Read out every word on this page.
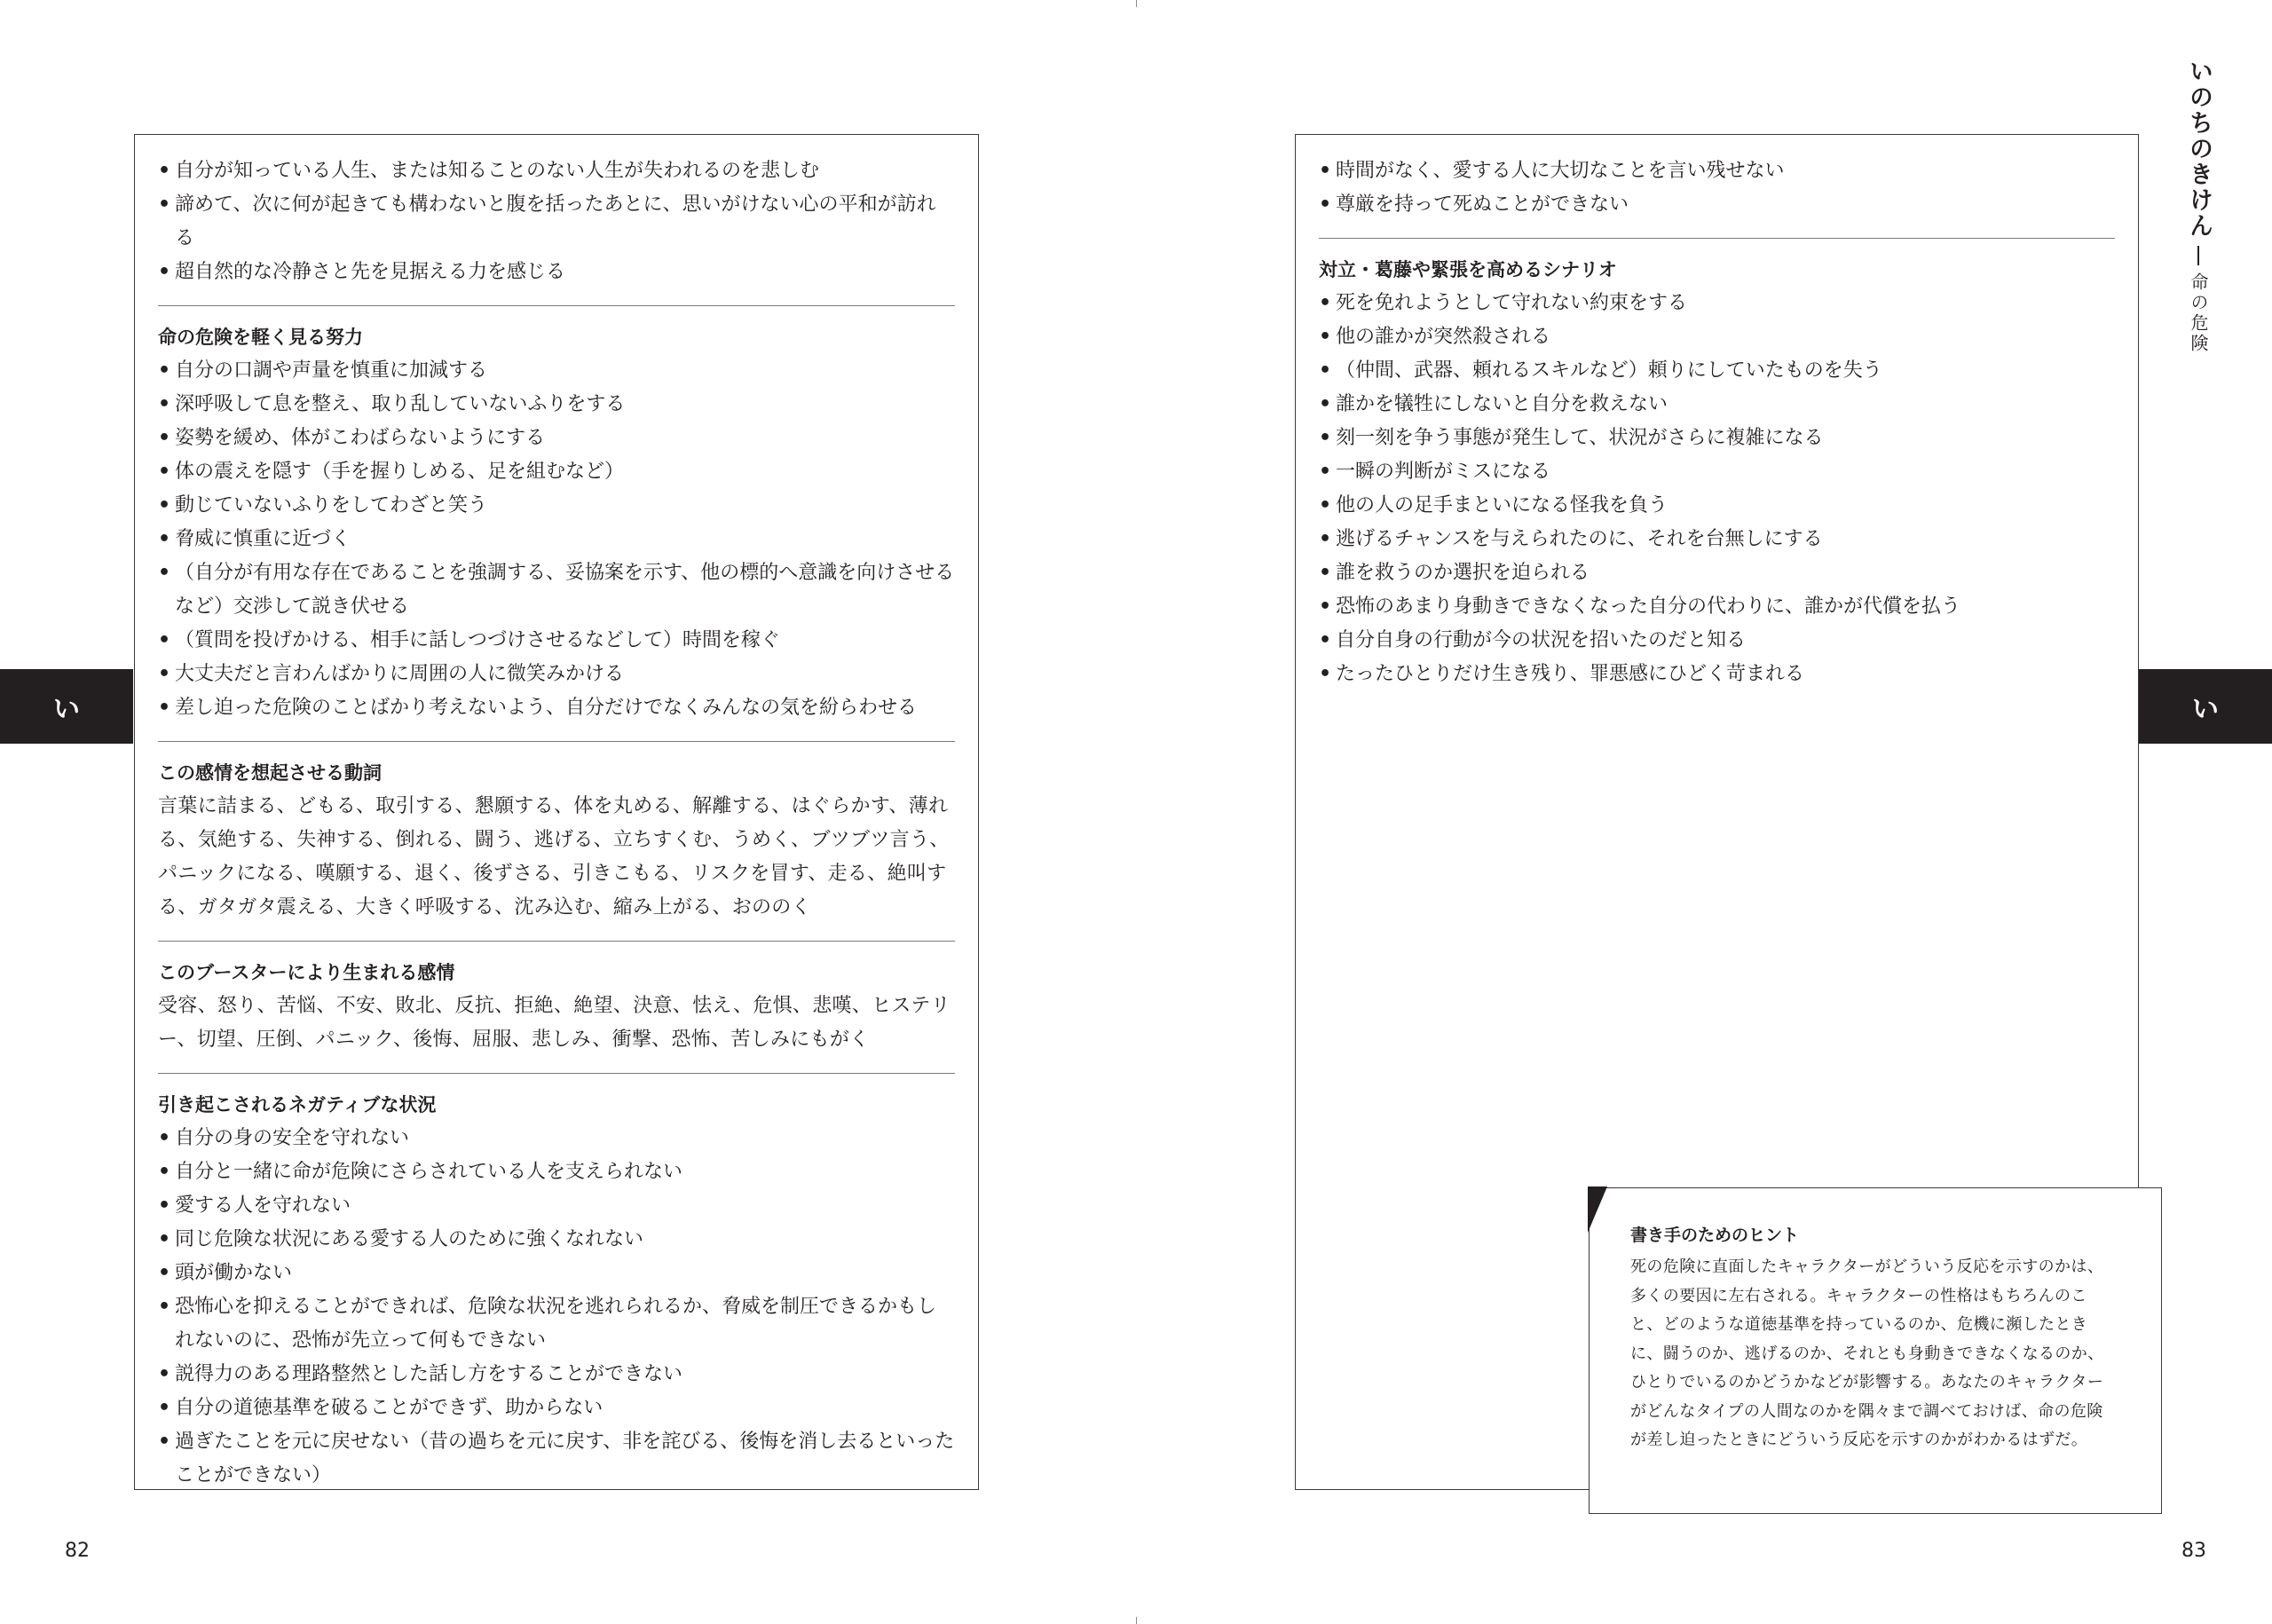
• 自分が知っている人生、または知ることのない人生が失われるのを悲しむ
• 諦めて、次に何が起きても構わないと腹を括ったあとに、思いがけない心の平和が訪れる
• 超自然的な冷静さと先を見据える力を感じる

命の危険を軽く見る努力

• 自分の口調や声量を慎重に加減する
• 深呼吸して息を整え、取り乱していないふりをする
• 姿勢を緩め、体がこわばらないようにする
• 体の震えを隠す（手を握りしめる、足を組むなど）
• 動じていないふりをしてわざと笑う
• 脅威に慎重に近づく
• （自分が有用な存在であることを強調する、妥協案を示す、他の標的へ意識を向けさせるなど）交渉して説き伏せる
• （質問を投げかける、相手に話しつづけさせるなどして）時間を稼ぐ
• 大丈夫だと言わんばかりに周囲の人に微笑みかける
• 差し迫った危険のことばかり考えないよう、自分だけでなくみんなの気を紛らわせる

この感情を想起させる動詞

言葉に詰まる、どもる、取引する、懇願する、体を丸める、解離する、はぐらかす、薄れる、気絶する、失神する、倒れる、闘う、逃げる、立ちすくむ、うめく、ブツブツ言う、パニックになる、嘆願する、退く、後ずさる、引きこもる、リスクを冒す、走る、絶叫する、ガタガタ震える、大きく呼吸する、沈み込む、縮み上がる、おののく

このブースターにより生まれる感情

受容、怒り、苦悩、不安、敗北、反抗、拒絶、絶望、決意、怯え、危惧、悲嘆、ヒステリー、切望、圧倒、パニック、後悔、屈服、悲しみ、衝撃、恐怖、苦しみにもがく

引き起こされるネガティブな状況

• 自分の身の安全を守れない
• 自分と一緒に命が危険にさらされている人を支えられない
• 愛する人を守れない
• 同じ危険な状況にある愛する人のために強くなれない
• 頭が働かない
• 恐怖心を抑えることができれば、危険な状況を逃れられるか、脅威を制圧できるかもしれないのに、恐怖が先立って何もできない
• 説得力のある理路整然とした話し方をすることができない
• 自分の道徳基準を破ることができず、助からない
• 過ぎたことを元に戻せない（昔の過ちを元に戻す、非を詫びる、後悔を消し去るといったことができない）
い
82
• 時間がなく、愛する人に大切なことを言い残せない
• 尊厳を持って死ぬことができない

対立・葛藤や緊張を高めるシナリオ

• 死を免れようとして守れない約束をする
• 他の誰かが突然殺される
• （仲間、武器、頼れるスキルなど）頼りにしていたものを失う
• 誰かを犠牲にしないと自分を救えない
• 刻一刻を争う事態が発生して、状況がさらに複雑になる
• 一瞬の判断がミスになる
• 他の人の足手まといになる怪我を負う
• 逃げるチャンスを与えられたのに、それを台無しにする
• 誰を救うのか選択を迫られる
• 恐怖のあまり身動きできなくなった自分の代わりに、誰かが代償を払う
• 自分自身の行動が今の状況を招いたのだと知る
• たったひとりだけ生き残り、罪悪感にひどく苛まれる

書き手のためのヒント

死の危険に直面したキャラクターがどういう反応を示すのかは、多くの要因に左右される。キャラクターの性格はもちろんのこと、どのような道徳基準を持っているのか、危機に瀕したときに、闘うのか、逃げるのか、それとも身動きできなくなるのか、ひとりでいるのかどうかなどが影響する。あなたのキャラクターがどんなタイプの人間なのかを隅々まで調べておけば、命の危険が差し迫ったときにどういう反応を示すのかがわかるはずだ。

いのちのきけん
命の危険
い
83
